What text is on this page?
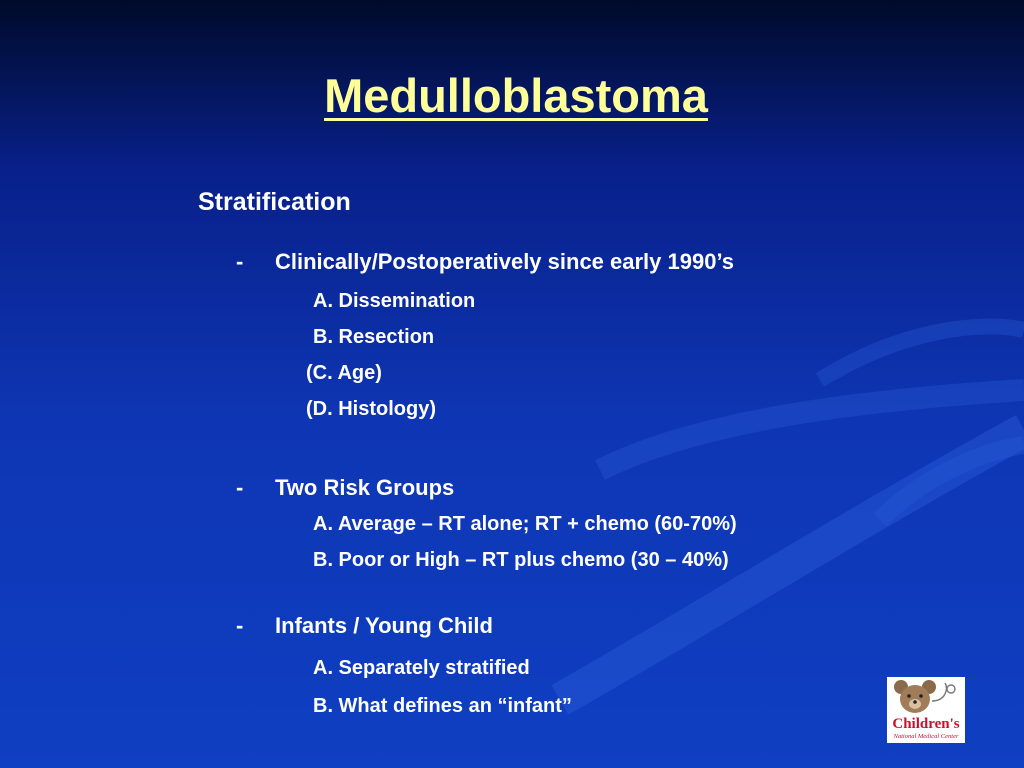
Medulloblastoma
Stratification
- Clinically/Postoperatively since early 1990’s
A. Dissemination
B. Resection
(C. Age)
(D. Histology)
- Two Risk Groups
A. Average – RT alone; RT + chemo (60-70%)
B. Poor or High – RT plus chemo (30 – 40%)
- Infants / Young Child
A. Separately stratified
B. What defines an “infant”
Children's
National Medical Center
